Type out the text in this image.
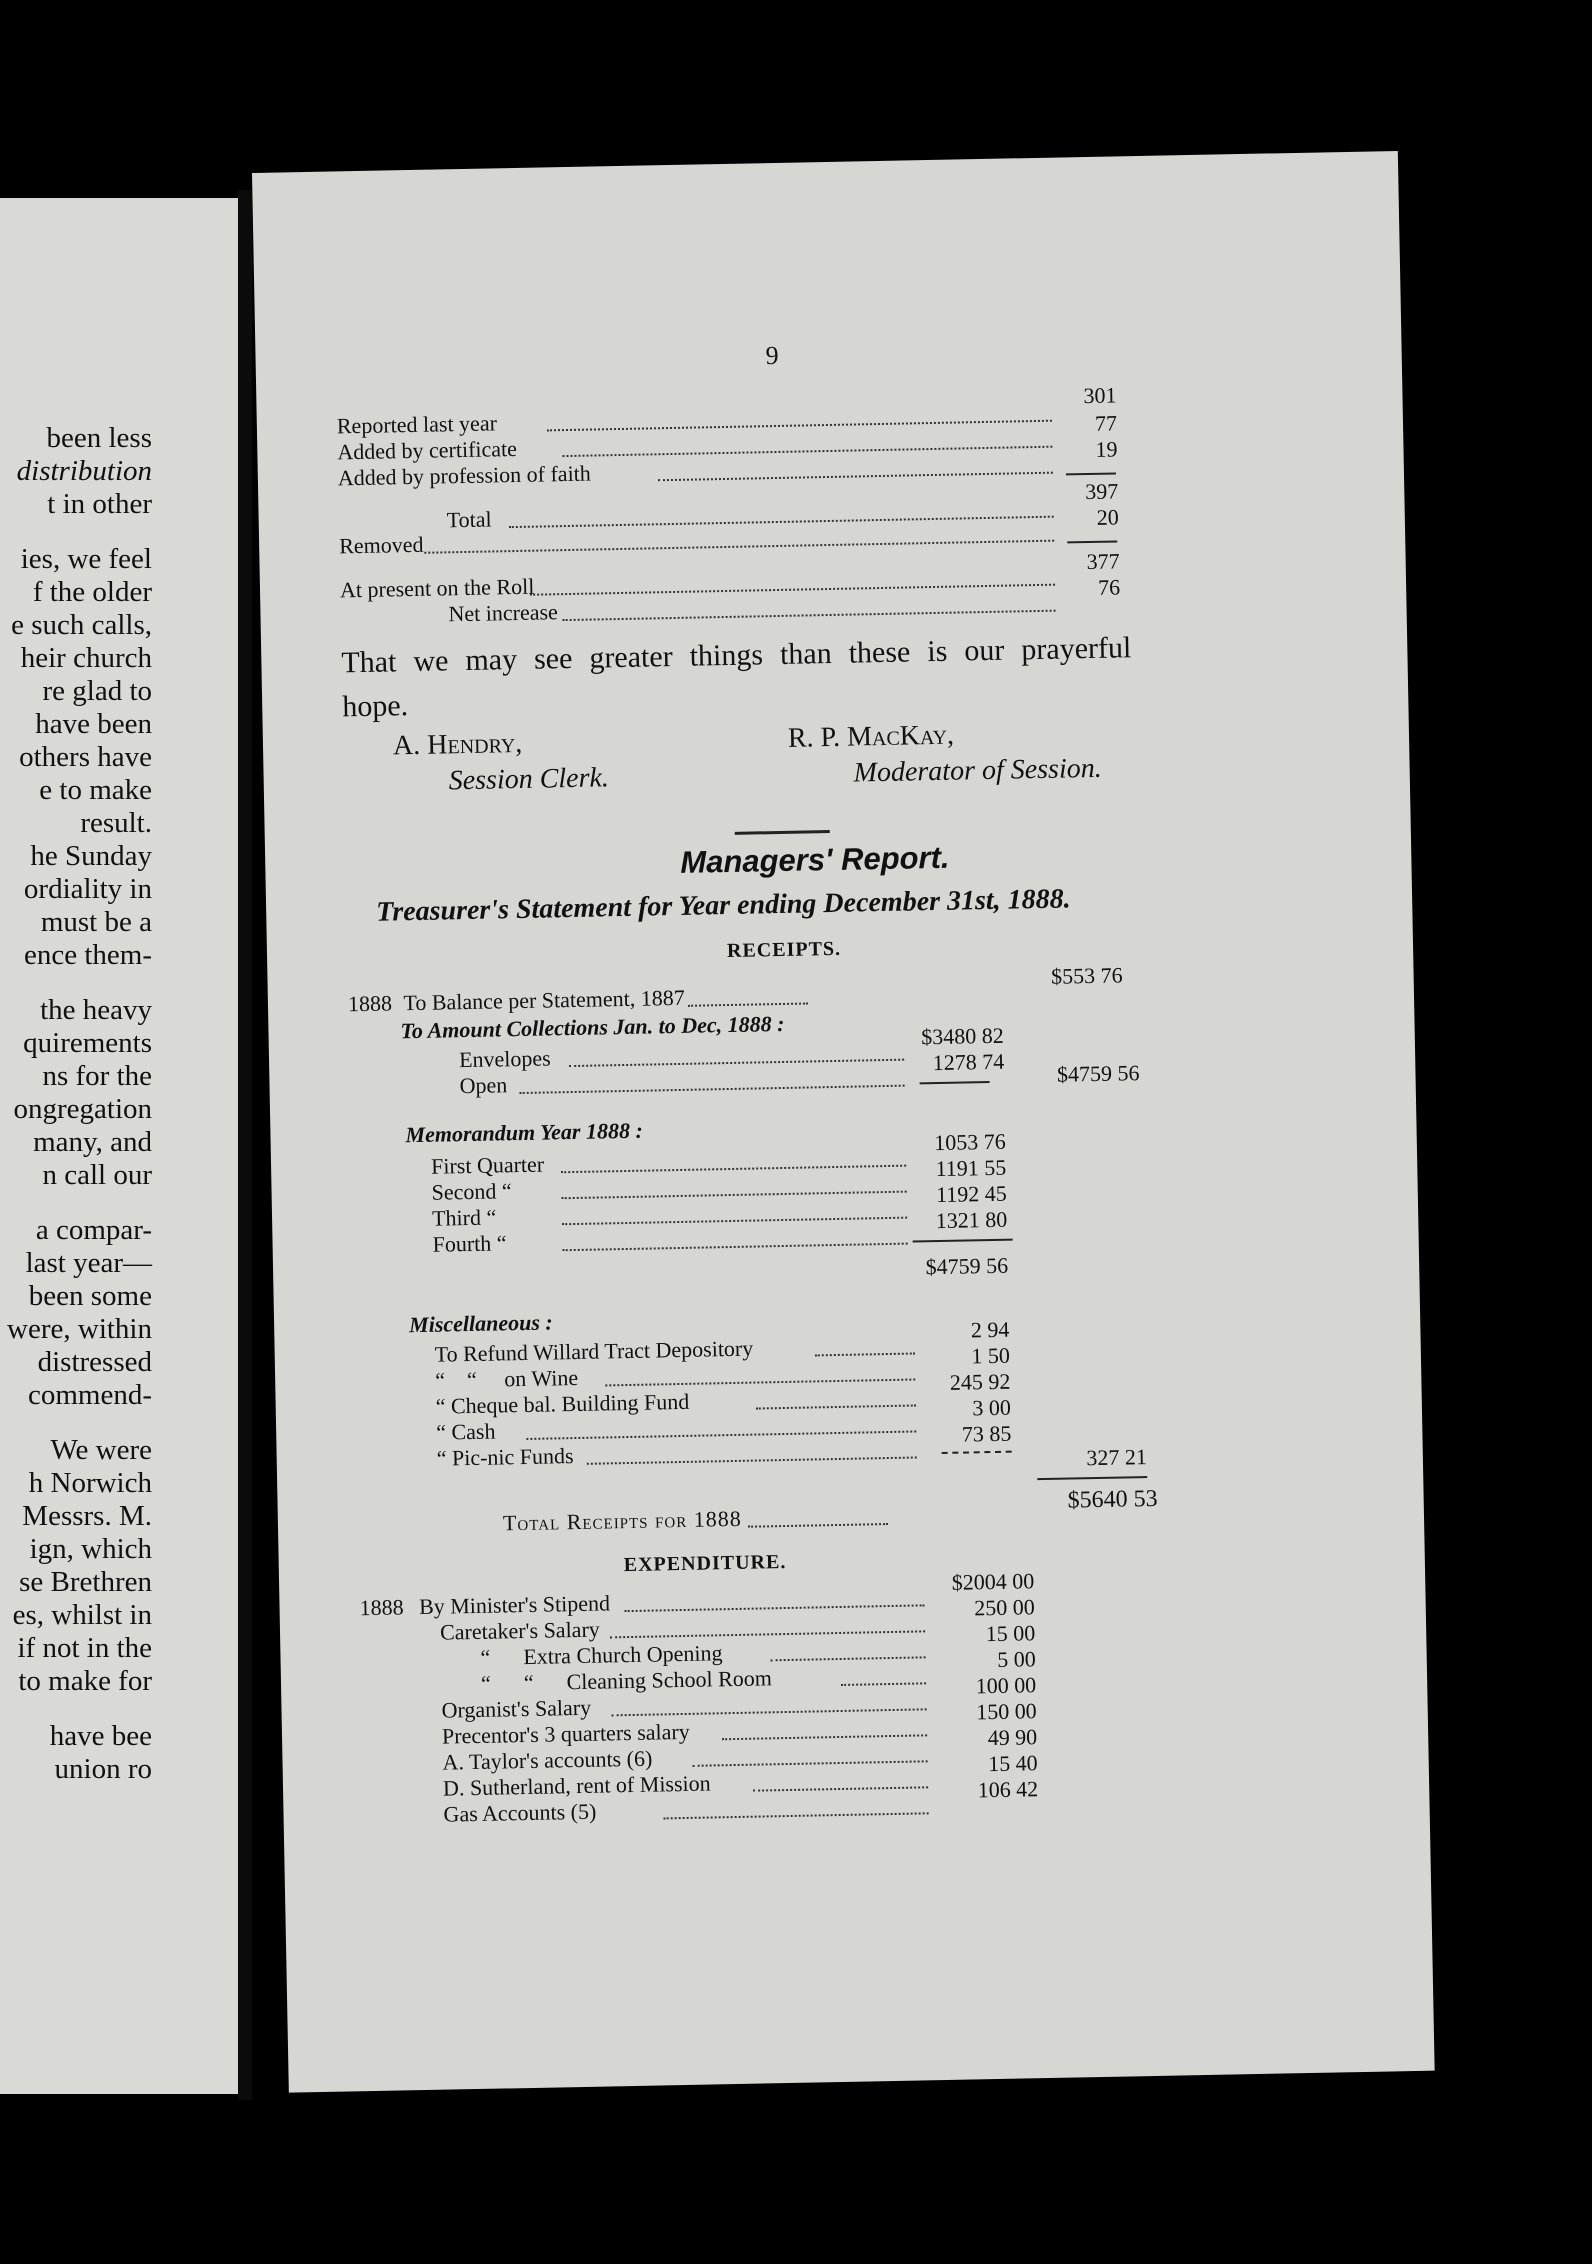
been less
distribution
t in other
ies, we feel
f the older
e such calls,
heir church
re glad to
have been
others have
e to make
result.
he Sunday
ordiality in
must be a
ence them-
the heavy
quirements
ns for the
ongregation
many, and
n call our
a compar-
last year—
been some
were, within
distressed
commend-
We were
h Norwich
Messrs. M.
ign, which
se Brethren
es, whilst in
if not in the
to make for
have bee
union ro
9
Reported last year
301
Added by certificate
77
Added by profession of faith
19
Total
397
Removed
20
At present on the Roll
377
Net increase
76
That we may see greater things than these is our prayerful hope.
A. Hendry,
Session Clerk.
R. P. MacKay,
Moderator of Session.
Managers' Report.
Treasurer's Statement for Year ending December 31st, 1888.
RECEIPTS.
1888 To Balance per Statement, 1887
$553 76
To Amount Collections Jan. to Dec, 1888 :
Envelopes
$3480 82
Open
1278 74	$4759 56
Memorandum Year 1888 :
First Quarter
1053 76
Second “
1191 55
Third “
1192 45
Fourth “
1321 80
$4759 56
Miscellaneous :
To Refund Willard Tract Depository
2 94
“    “     on Wine
1 50
“ Cheque bal. Building Fund
245 92
“ Cash
3 00
“ Pic-nic Funds
73 85
327 21
Total Receipts for 1888
$5640 53
EXPENDITURE.
1888 By Minister's Stipend
$2004 00
Caretaker's Salary
250 00
“      Extra Church Opening
15 00
“      “      Cleaning School Room
5 00
Organist's Salary
100 00
Precentor's 3 quarters salary
150 00
A. Taylor's accounts (6)
49 90
D. Sutherland, rent of Mission
15 40
Gas Accounts (5)
106 42
